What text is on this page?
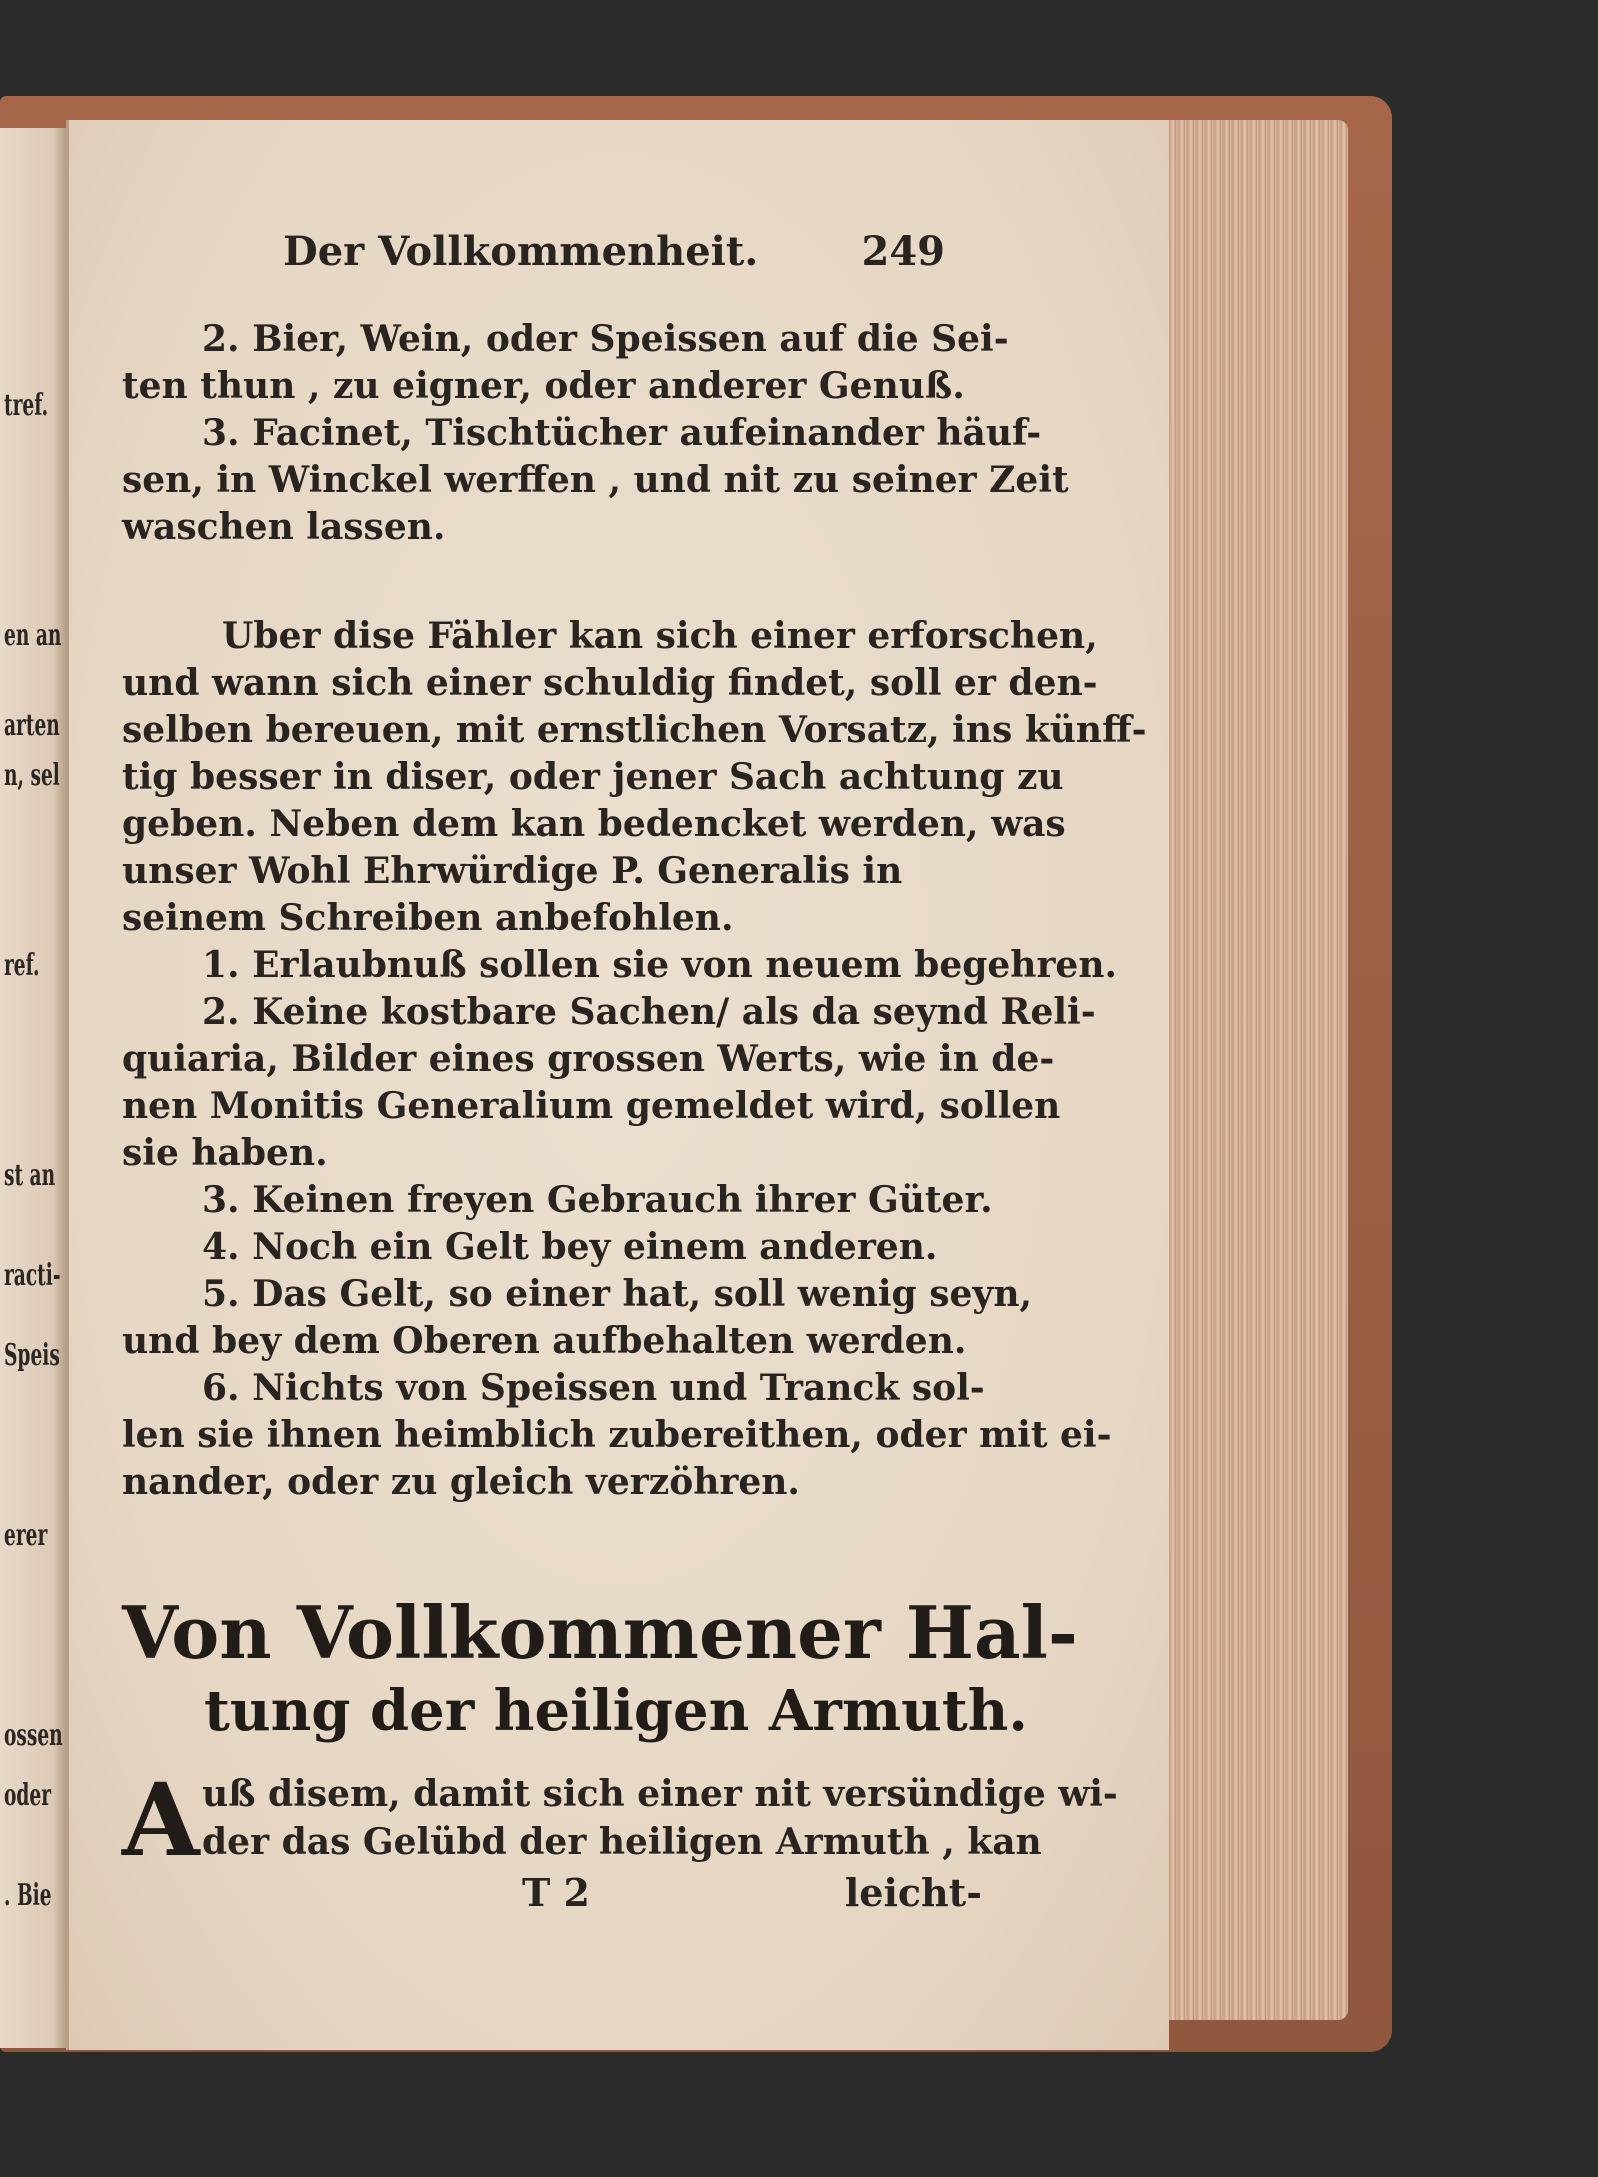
tref.
en an
arten
n, sel
ref.
st an
racti-
Speis
erer
ossen
oder
. Bie
Der Vollkommenheit.	249
2. Bier, Wein, oder Speissen auf die Sei-
ten thun , zu eigner, oder anderer Genuß.
3. Facinet, Tischtücher aufeinander häuf-
sen, in Winckel werffen , und nit zu seiner Zeit
waschen lassen.
Uber dise Fähler kan sich einer erforschen,
und wann sich einer schuldig findet, soll er den-
selben bereuen, mit ernstlichen Vorsatz, ins künff-
tig besser in diser, oder jener Sach achtung zu
geben. Neben dem kan bedencket werden, was
unser Wohl Ehrwürdige P. Generalis in
seinem Schreiben anbefohlen.
1. Erlaubnuß sollen sie von neuem begehren.
2. Keine kostbare Sachen/ als da seynd Reli-
quiaria, Bilder eines grossen Werts, wie in de-
nen Monitis Generalium gemeldet wird, sollen
sie haben.
3. Keinen freyen Gebrauch ihrer Güter.
4. Noch ein Gelt bey einem anderen.
5. Das Gelt, so einer hat, soll wenig seyn,
und bey dem Oberen aufbehalten werden.
6. Nichts von Speissen und Tranck sol-
len sie ihnen heimblich zubereithen, oder mit ei-
nander, oder zu gleich verzöhren.
Von Vollkommener Hal-
tung der heiligen Armuth.
A uß disem, damit sich einer nit versündige wi-
der das Gelübd der heiligen Armuth , kan
T 2	leicht-
